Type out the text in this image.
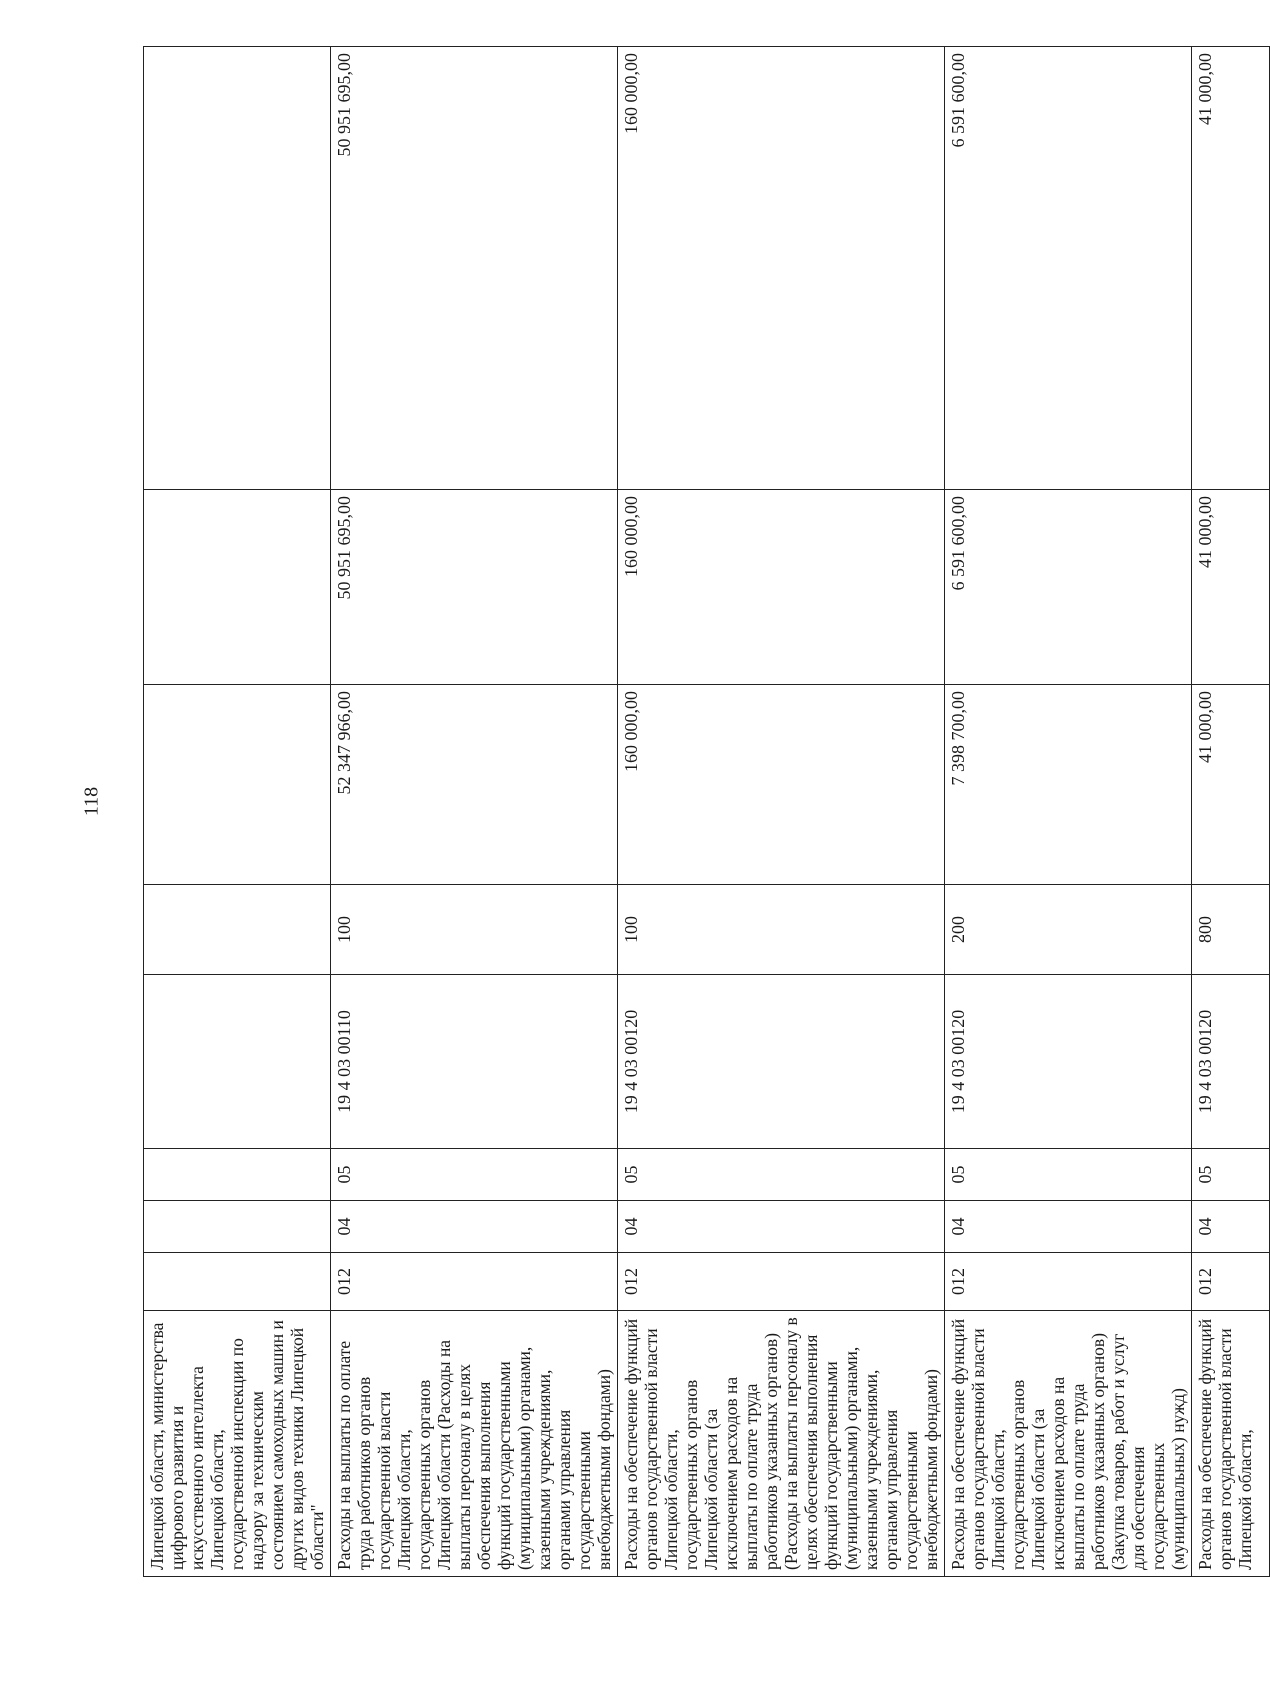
118
Липецкой области, министерства цифрового развития и искусственного интеллекта Липецкой области, государственной инспекции по надзору за техническим состоянием самоходных машин и других видов техники Липецкой области"								
Расходы на выплаты по оплате труда работников органов государственной власти Липецкой области, государственных органов Липецкой области (Расходы на выплаты персоналу в целях обеспечения выполнения функций государственными (муниципальными) органами, казенными учреждениями, органами управления государственными внебюджетными фондами)	012	04	05	19 4 03 00110	100	52 347 966,00	50 951 695,00	50 951 695,00
Расходы на обеспечение функций органов государственной власти Липецкой области, государственных органов Липецкой области (за исключением расходов на выплаты по оплате труда работников указанных органов) (Расходы на выплаты персоналу в целях обеспечения выполнения функций государственными (муниципальными) органами, казенными учреждениями, органами управления государственными внебюджетными фондами)	012	04	05	19 4 03 00120	100	160 000,00	160 000,00	160 000,00
Расходы на обеспечение функций органов государственной власти Липецкой области, государственных органов Липецкой области (за исключением расходов на выплаты по оплате труда работников указанных органов) (Закупка товаров, работ и услуг для обеспечения государственных (муниципальных) нужд)	012	04	05	19 4 03 00120	200	7 398 700,00	6 591 600,00	6 591 600,00
Расходы на обеспечение функций органов государственной власти Липецкой области,	012	04	05	19 4 03 00120	800	41 000,00	41 000,00	41 000,00
